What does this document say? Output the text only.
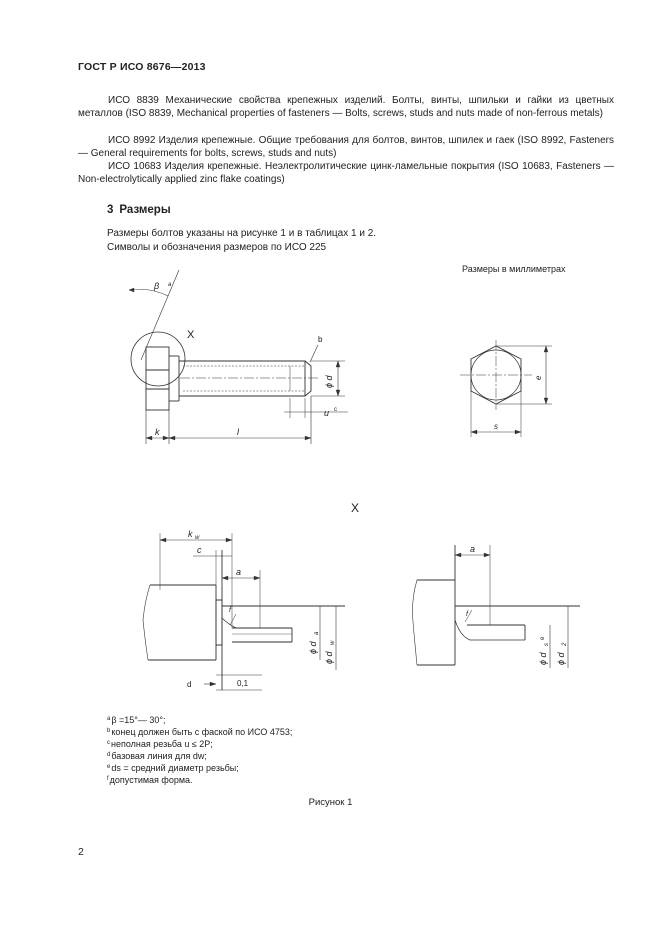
ГОСТ Р ИСО 8676—2013
ИСО 8839 Механические свойства крепежных изделий. Болты, винты, шпильки и гайки из цветных металлов (ISO 8839, Mechanical properties of fasteners — Bolts, screws, studs and nuts made of non-ferrous metals)
ИСО 8992 Изделия крепежные. Общие требования для болтов, винтов, шпилек и гаек (ISO 8992, Fasteners — General requirements for bolts, screws, studs and nuts)
ИСО 10683 Изделия крепежные. Неэлектролитические цинк-ламельные покрытия (ISO 10683, Fasteners — Non-electrolytically applied zinc flake coatings)
3 Размеры
Размеры болтов указаны на рисунке 1 и в таблицах 1 и 2.
Символы и обозначения размеров по ИСО 225
Размеры в миллиметрах
β a
X	b
ϕ d
u c
k	l
e
s
X
k w
c
a
f
ϕ d
a
ϕ d
w
d	0,1
a
f
ϕ d
s
e
ϕ d
2
$^a$β =15°— 30°;
$^b$конец должен быть с фаской по ИСО 4753;
$^c$неполная резьба u ≤ 2P;
$^d$базовая линия для dw;
$^e$ds = средний диаметр резьбы;
$^f$допустимая форма.
Рисунок 1
2
